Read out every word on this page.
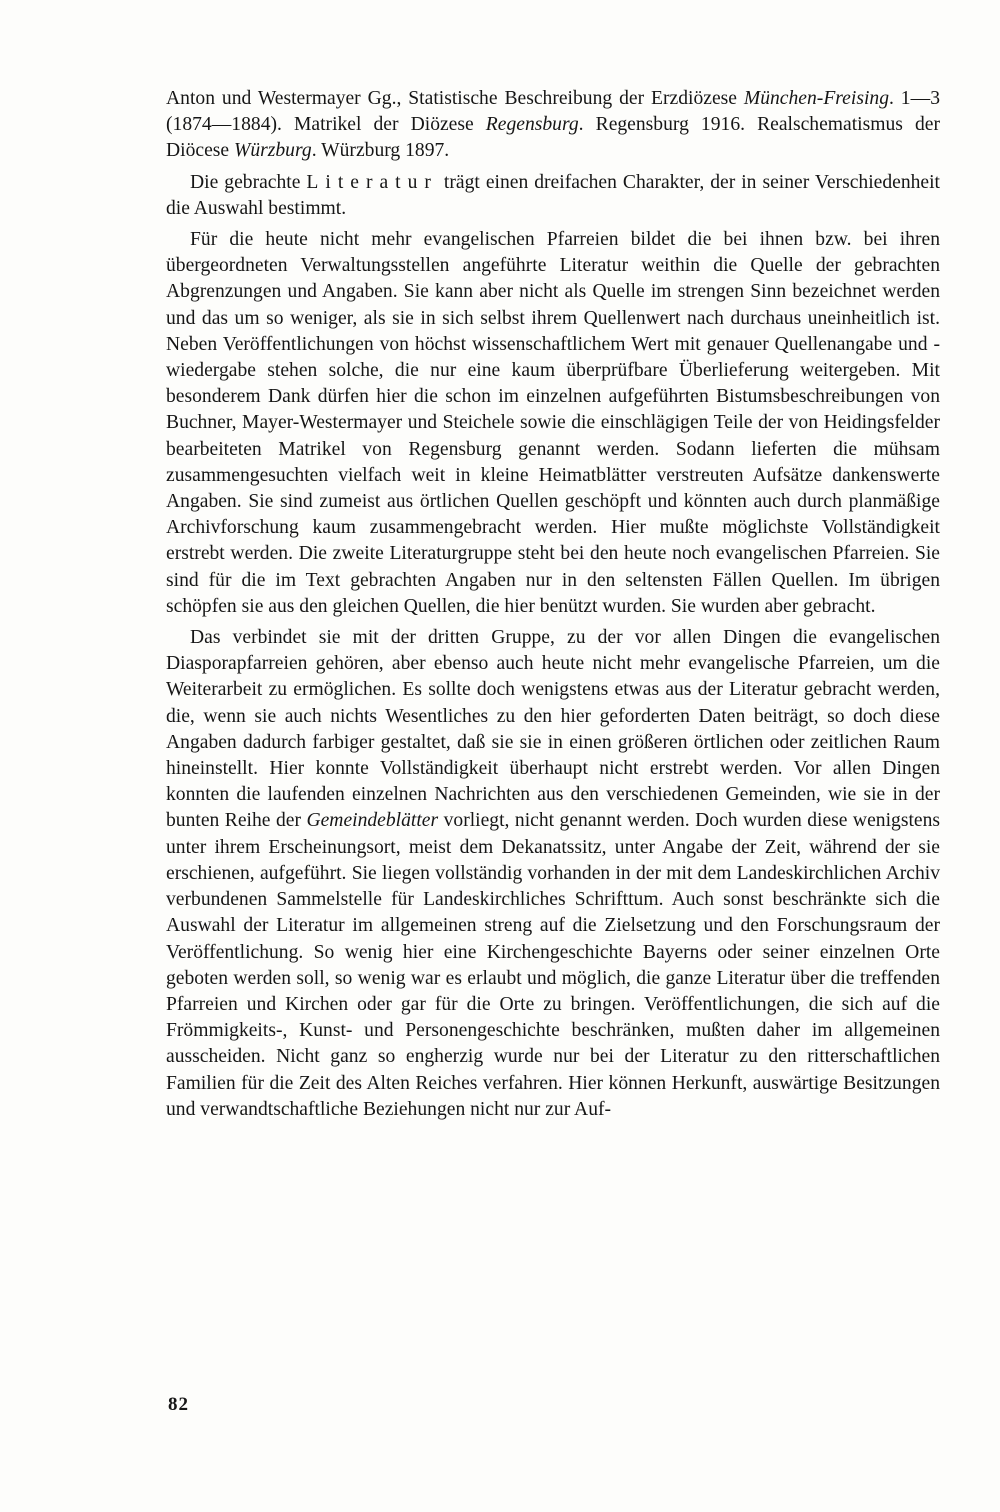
Anton und Westermayer Gg., Statistische Beschreibung der Erzdiözese München-Freising. 1—3 (1874—1884). Matrikel der Diözese Regensburg. Regensburg 1916. Realschematismus der Diöcese Würzburg. Würzburg 1897.

Die gebrachte Literatur trägt einen dreifachen Charakter, der in seiner Verschiedenheit die Auswahl bestimmt.

Für die heute nicht mehr evangelischen Pfarreien bildet die bei ihnen bzw. bei ihren übergeordneten Verwaltungsstellen angeführte Literatur weithin die Quelle der gebrachten Abgrenzungen und Angaben. Sie kann aber nicht als Quelle im strengen Sinn bezeichnet werden und das um so weniger, als sie in sich selbst ihrem Quellenwert nach durchaus uneinheitlich ist. Neben Veröffentlichungen von höchst wissenschaftlichem Wert mit genauer Quellenangabe und -wiedergabe stehen solche, die nur eine kaum überprüfbare Überlieferung weitergeben. Mit besonderem Dank dürfen hier die schon im einzelnen aufgeführten Bistumsbeschreibungen von Buchner, Mayer-Westermayer und Steichele sowie die einschlägigen Teile der von Heidingsfelder bearbeiteten Matrikel von Regensburg genannt werden. Sodann lieferten die mühsam zusammengesuchten vielfach weit in kleine Heimatblätter verstreuten Aufsätze dankenswerte Angaben. Sie sind zumeist aus örtlichen Quellen geschöpft und könnten auch durch planmäßige Archivforschung kaum zusammengebracht werden. Hier mußte möglichste Vollständigkeit erstrebt werden. Die zweite Literaturgruppe steht bei den heute noch evangelischen Pfarreien. Sie sind für die im Text gebrachten Angaben nur in den seltensten Fällen Quellen. Im übrigen schöpfen sie aus den gleichen Quellen, die hier benützt wurden. Sie wurden aber gebracht.

Das verbindet sie mit der dritten Gruppe, zu der vor allen Dingen die evangelischen Diasporapfarreien gehören, aber ebenso auch heute nicht mehr evangelische Pfarreien, um die Weiterarbeit zu ermöglichen. Es sollte doch wenigstens etwas aus der Literatur gebracht werden, die, wenn sie auch nichts Wesentliches zu den hier geforderten Daten beiträgt, so doch diese Angaben dadurch farbiger gestaltet, daß sie sie in einen größeren örtlichen oder zeitlichen Raum hineinstellt. Hier konnte Vollständigkeit überhaupt nicht erstrebt werden. Vor allen Dingen konnten die laufenden einzelnen Nachrichten aus den verschiedenen Gemeinden, wie sie in der bunten Reihe der Gemeindeblätter vorliegt, nicht genannt werden. Doch wurden diese wenigstens unter ihrem Erscheinungsort, meist dem Dekanatssitz, unter Angabe der Zeit, während der sie erschienen, aufgeführt. Sie liegen vollständig vorhanden in der mit dem Landeskirchlichen Archiv verbundenen Sammelstelle für Landeskirchliches Schrifttum. Auch sonst beschränkte sich die Auswahl der Literatur im allgemeinen streng auf die Zielsetzung und den Forschungsraum der Veröffentlichung. So wenig hier eine Kirchengeschichte Bayerns oder seiner einzelnen Orte geboten werden soll, so wenig war es erlaubt und möglich, die ganze Literatur über die treffenden Pfarreien und Kirchen oder gar für die Orte zu bringen. Veröffentlichungen, die sich auf die Frömmigkeits-, Kunst- und Personengeschichte beschränken, mußten daher im allgemeinen ausscheiden. Nicht ganz so engherzig wurde nur bei der Literatur zu den ritterschaftlichen Familien für die Zeit des Alten Reiches verfahren. Hier können Herkunft, auswärtige Besitzungen und verwandtschaftliche Beziehungen nicht nur zur Auf-

82
